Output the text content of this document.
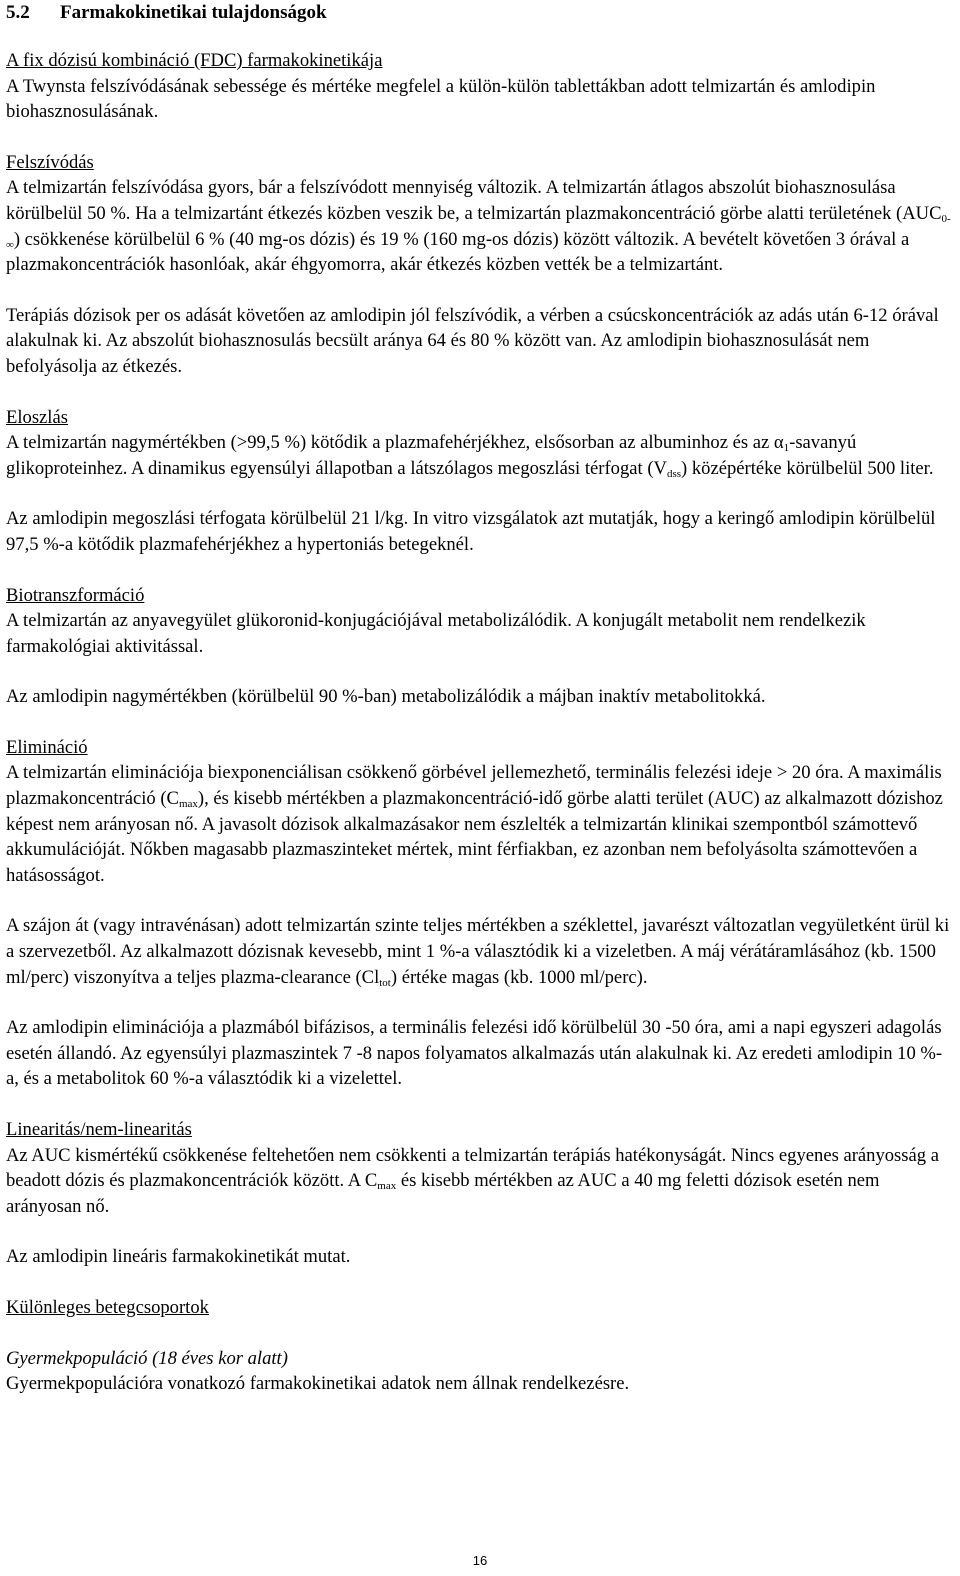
5.2 Farmakokinetikai tulajdonságok
A fix dózisú kombináció (FDC) farmakokinetikája

A Twynsta felszívódásának sebessége és mértéke megfelel a külön-külön tablettákban adott telmizartán és amlodipin biohasznosulásának.

Felszívódás

A telmizartán felszívódása gyors, bár a felszívódott mennyiség változik. A telmizartán átlagos abszolút biohasznosulása körülbelül 50 %. Ha a telmizartánt étkezés közben veszik be, a telmizartán plazmakoncentráció görbe alatti területének $(AUC_{0-\infty})$ csökkenése körülbelül 6 % (40 mg-os dózis) és 19 % (160 mg-os dózis) között változik. A bevételt követően 3 órával a plazmakoncentrációk hasonlóak, akár éhgyomorra, akár étkezés közben vették be a telmizartánt.

Terápiás dózisok per os adását követően az amlodipin jól felszívódik, a vérben a csúcskoncentrációk az adás után 6-12 órával alakulnak ki. Az abszolút biohasznosulás becsült aránya 64 és 80 % között van. Az amlodipin biohasznosulását nem befolyásolja az étkezés.

Eloszlás

A telmizartán nagymértékben (>99,5 %) kötődik a plazmafehérjékhez, elsősorban az albuminhoz és az $\alpha_1$-savanyú glikoproteinhez. A dinamikus egyensúlyi állapotban a látszólagos megoszlási térfogat $(V_{dss})$ középértéke körülbelül 500 liter.

Az amlodipin megoszlási térfogata körülbelül 21 l/kg. In vitro vizsgálatok azt mutatják, hogy a keringő amlodipin körülbelül 97,5 %-a kötődik plazmafehérjékhez a hypertoniás betegeknél.

Biotranszformáció

A telmizartán az anyavegyület glükoronid-konjugációjával metabolizálódik. A konjugált metabolit nem rendelkezik farmakológiai aktivitással.

Az amlodipin nagymértékben (körülbelül 90 %-ban) metabolizálódik a májban inaktív metabolitokká.

Elimináció

A telmizartán eliminációja biexponenciálisan csökkenő görbével jellemezhető, terminális felezési ideje > 20 óra. A maximális plazmakoncentráció $(C_{max})$, és kisebb mértékben a plazmakoncentráció-idő görbe alatti terület (AUC) az alkalmazott dózishoz képest nem arányosan nő. A javasolt dózisok alkalmazásakor nem észlelték a telmizartán klinikai szempontból számottevő akkumulációját. Nőkben magasabb plazmaszinteket mértek, mint férfiakban, ez azonban nem befolyásolta számottevően a hatásosságot.

A szájon át (vagy intravénásan) adott telmizartán szinte teljes mértékben a széklettel, javarészt változatlan vegyületként ürül ki a szervezetből. Az alkalmazott dózisnak kevesebb, mint 1 %-a választódik ki a vizeletben. A máj vérátáramlásához (kb. 1500 ml/perc) viszonyítva a teljes plazma-clearance $(Cl_{tot})$ értéke magas (kb. 1000 ml/perc).

Az amlodipin eliminációja a plazmából bifázisos, a terminális felezési idő körülbelül 30 -50 óra, ami a napi egyszeri adagolás esetén állandó. Az egyensúlyi plazmaszintek 7 -8 napos folyamatos alkalmazás után alakulnak ki. Az eredeti amlodipin 10 %-a, és a metabolitok 60 %-a választódik ki a vizelettel.

Linearitás/nem-linearitás

Az AUC kismértékű csökkenése feltehetően nem csökkenti a telmizartán terápiás hatékonyságát. Nincs egyenes arányosság a beadott dózis és plazmakoncentrációk között. A $C_{max}$ és kisebb mértékben az AUC a 40 mg feletti dózisok esetén nem arányosan nő.

Az amlodipin lineáris farmakokinetikát mutat.

Különleges betegcsoportok
Gyermekpopuláció (18 éves kor alatt)

Gyermekpopulációra vonatkozó farmakokinetikai adatok nem állnak rendelkezésre.

16
